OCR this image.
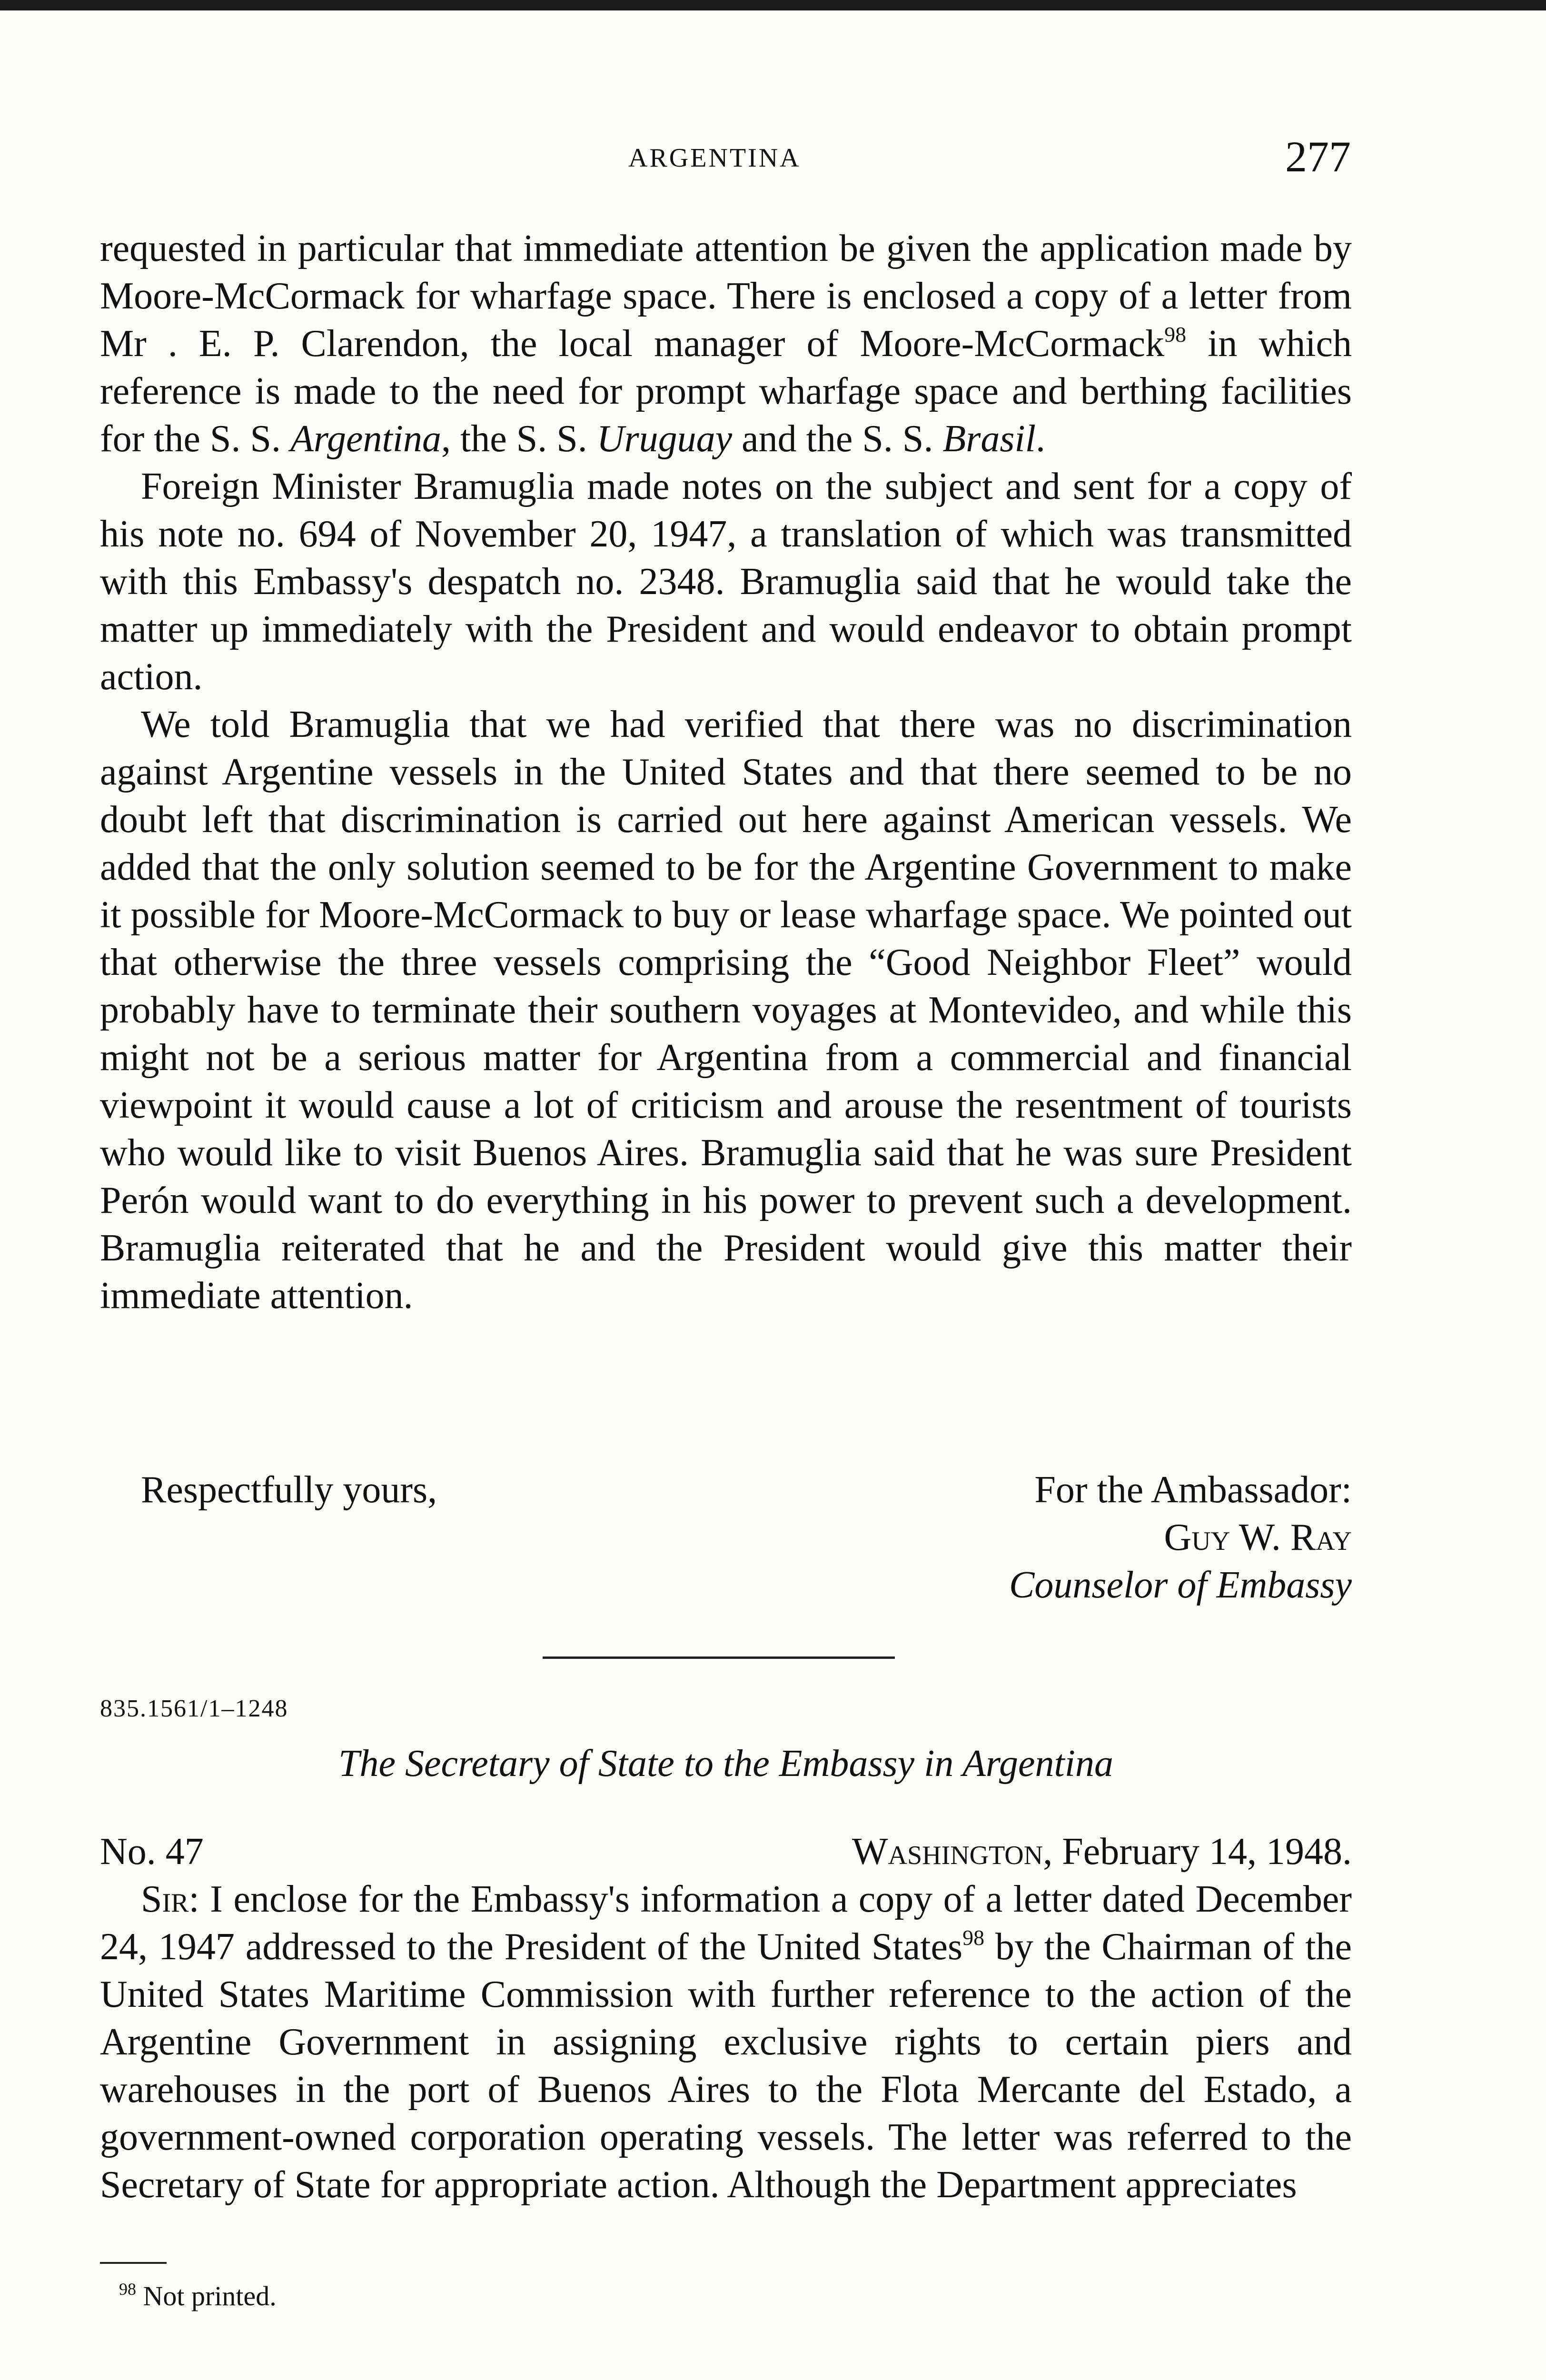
ARGENTINA	277

requested in particular that immediate attention be given the application made by Moore-McCormack for wharfage space. There is enclosed a copy of a letter from Mr . E. P. Clarendon, the local manager of Moore-McCormack$^{98}$ in which reference is made to the need for prompt wharfage space and berthing facilities for the S. S. Argentina, the S. S. Uruguay and the S. S. Brasil.

Foreign Minister Bramuglia made notes on the subject and sent for a copy of his note no. 694 of November 20, 1947, a translation of which was transmitted with this Embassy's despatch no. 2348. Bramuglia said that he would take the matter up immediately with the President and would endeavor to obtain prompt action.

We told Bramuglia that we had verified that there was no discrimination against Argentine vessels in the United States and that there seemed to be no doubt left that discrimination is carried out here against American vessels. We added that the only solution seemed to be for the Argentine Government to make it possible for Moore-McCormack to buy or lease wharfage space. We pointed out that otherwise the three vessels comprising the “Good Neighbor Fleet” would probably have to terminate their southern voyages at Montevideo, and while this might not be a serious matter for Argentina from a commercial and financial viewpoint it would cause a lot of criticism and arouse the resentment of tourists who would like to visit Buenos Aires. Bramuglia said that he was sure President Perón would want to do everything in his power to prevent such a development. Bramuglia reiterated that he and the President would give this matter their immediate attention.

Respectfully yours,	For the Ambassador:
Guy W. Ray
Counselor of Embassy
835.1561/1–1248
The Secretary of State to the Embassy in Argentina
No. 47	Washington, February 14, 1948.

Sir: I enclose for the Embassy's information a copy of a letter dated December 24, 1947 addressed to the President of the United States$^{98}$ by the Chairman of the United States Maritime Commission with further reference to the action of the Argentine Government in assigning exclusive rights to certain piers and warehouses in the port of Buenos Aires to the Flota Mercante del Estado, a government-owned corporation operating vessels. The letter was referred to the Secretary of State for appropriate action. Although the Department appreciates

$^{98}$ Not printed.
